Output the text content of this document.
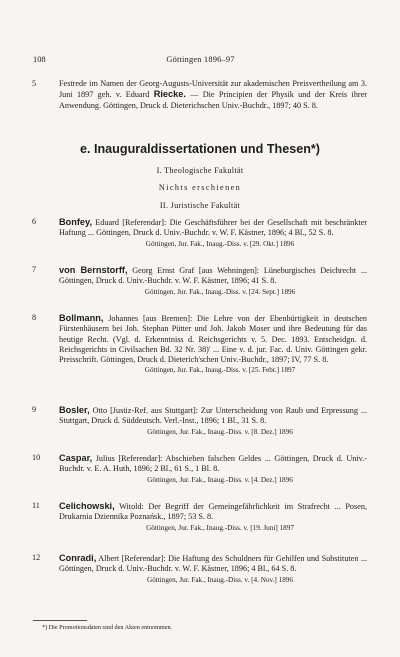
108	Göttingen 1896–97
5	Festrede im Namen der Georg-Augusts-Universität zur akademischen Preisvertheilung am 3. Juni 1897 geh. v. Eduard Riecke. — Die Principien der Physik und der Kreis ihrer Anwendung. Göttingen, Druck d. Dieterichschen Univ.-Buchdr., 1897; 40 S. 8.
e. Inauguraldissertationen und Thesen*)
I. Theologische Fakultät
Nichts erschienen
II. Juristische Fakultät
6 Bonfey, Eduard [Referendar]: Die Geschäftsführer bei der Gesellschaft mit beschränkter Haftung ... Göttingen, Druck d. Univ.-Buchdr. v. W. F. Kästner, 1896; 4 Bl., 52 S. 8.
Göttingen, Jur. Fak., Inaug.-Diss. v. [29. Okt.] 1896
7 von Bernstorff, Georg Ernst Graf [aus Wehningen]: Lüneburgisches Deichrecht ... Göttingen, Druck d. Univ.-Buchdr. v. W. F. Kästner, 1896; 41 S. 8.
Göttingen, Jur. Fak., Inaug.-Diss. v. [24. Sept.] 1896
8 Bollmann, Johannes [aus Bremen]: Die Lehre von der Ebenbürtigkeit in deutschen Fürstenhäusern bei Joh. Stephan Pütter und Joh. Jakob Moser und ihre Bedeutung für das heutige Recht. (Vgl. d. Erkenntniss d. Reichsgerichts v. 5. Dec. 1893. Entscheidgn. d. Reichsgerichts in Civilsachen Bd. 32 Nr. 38)' ... Eine v. d. jur. Fac. d. Univ. Göttingen gekr. Preisschrift. Göttingen, Druck d. Dieterich'schen Univ.-Buchdr., 1897; IV, 77 S. 8.
Göttingen, Jur. Fak., Inaug.-Diss. v. [25. Febr.] 1897
9 Bosler, Otto [Justiz-Ref. aus Stuttgart]: Zur Unterscheidung von Raub und Erpressung ... Stuttgart, Druck d. Süddeutsch. Verl.-Inst., 1896; 1 Bl., 31 S. 8.
Göttingen, Jur. Fak., Inaug.-Diss. v. [8. Dez.] 1896
10 Caspar, Julius [Referendar]: Abschieben falschen Geldes ... Göttingen, Druck d. Univ.-Buchdr. v. E. A. Huth, 1896; 2 Bl., 61 S., 1 Bl. 8.
Göttingen, Jur. Fak., Inaug.-Diss. v. [4. Dez.] 1896
11 Celichowski, Witold: Der Begriff der Gemeingefährlichkeit im Strafrecht ... Posen, Drukarnia Dziennika Poznańsk., 1897; 53 S. 8.
Göttingen, Jur. Fak., Inaug.-Diss. v. [19. Juni] 1897
12 Conradi, Albert [Referendar]: Die Haftung des Schuldners für Gehilfen und Substituten ... Göttingen, Druck d. Univ.-Buchdr. v. W. F. Kästner, 1896; 4 Bl., 64 S. 8.
Göttingen, Jur. Fak., Inaug.-Diss. v. [4. Nov.] 1896
*) Die Promotionsdaten sind den Akten entnommen.
